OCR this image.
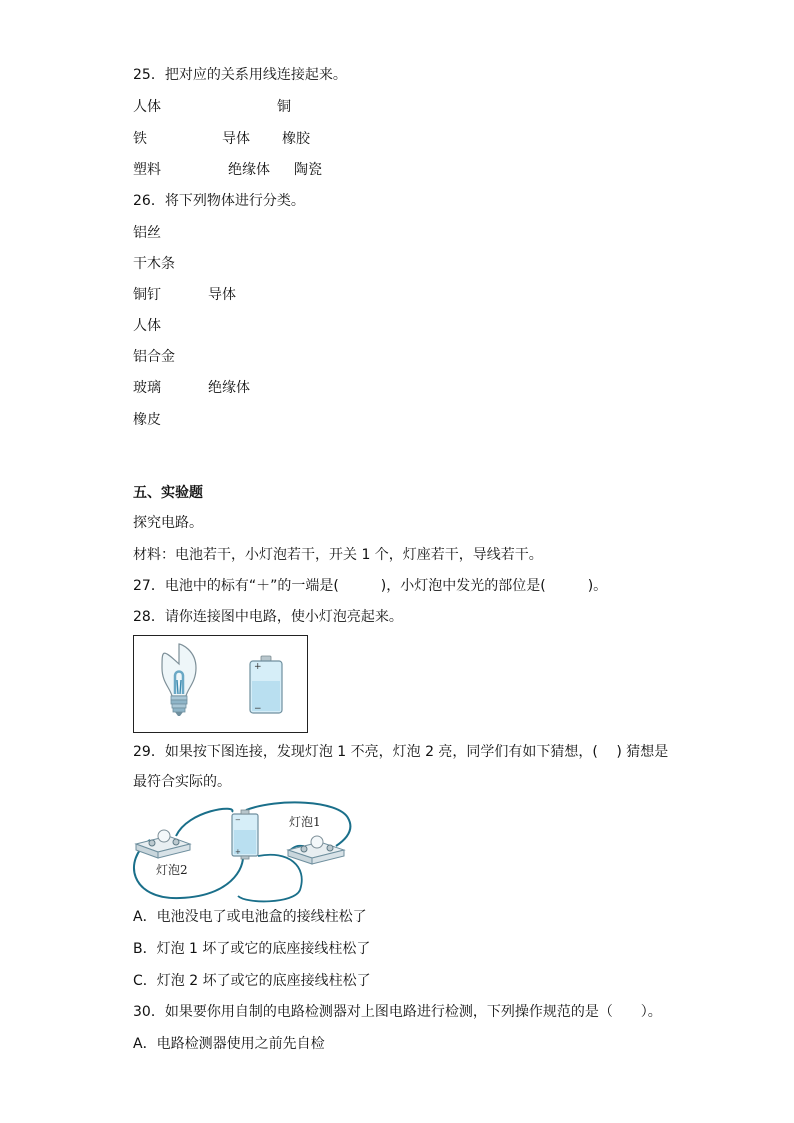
25．把对应的关系用线连接起来。
人体	铜
铁	导体 橡胶
塑料	绝缘体 陶瓷
26．将下列物体进行分类。
铝丝
干木条
铜钉	导体
人体
铝合金
玻璃	绝缘体
橡皮
五、实验题
探究电路。
材料：电池若干，小灯泡若干，开关 1 个，灯座若干，导线若干。
27．电池中的标有“＋”的一端是(　　　)，小灯泡中发光的部位是(　　　)。
28．请你连接图中电路，使小灯泡亮起来。
+
−
29．如果按下图连接，发现灯泡 1 不亮，灯泡 2 亮，同学们有如下猜想，(　 ) 猜想是
最符合实际的。
−
+
灯泡1
灯泡2
A．电池没电了或电池盒的接线柱松了
B．灯泡 1 坏了或它的底座接线柱松了
C．灯泡 2 坏了或它的底座接线柱松了
30．如果要你用自制的电路检测器对上图电路进行检测，下列操作规范的是（　　）。
A．电路检测器使用之前先自检
